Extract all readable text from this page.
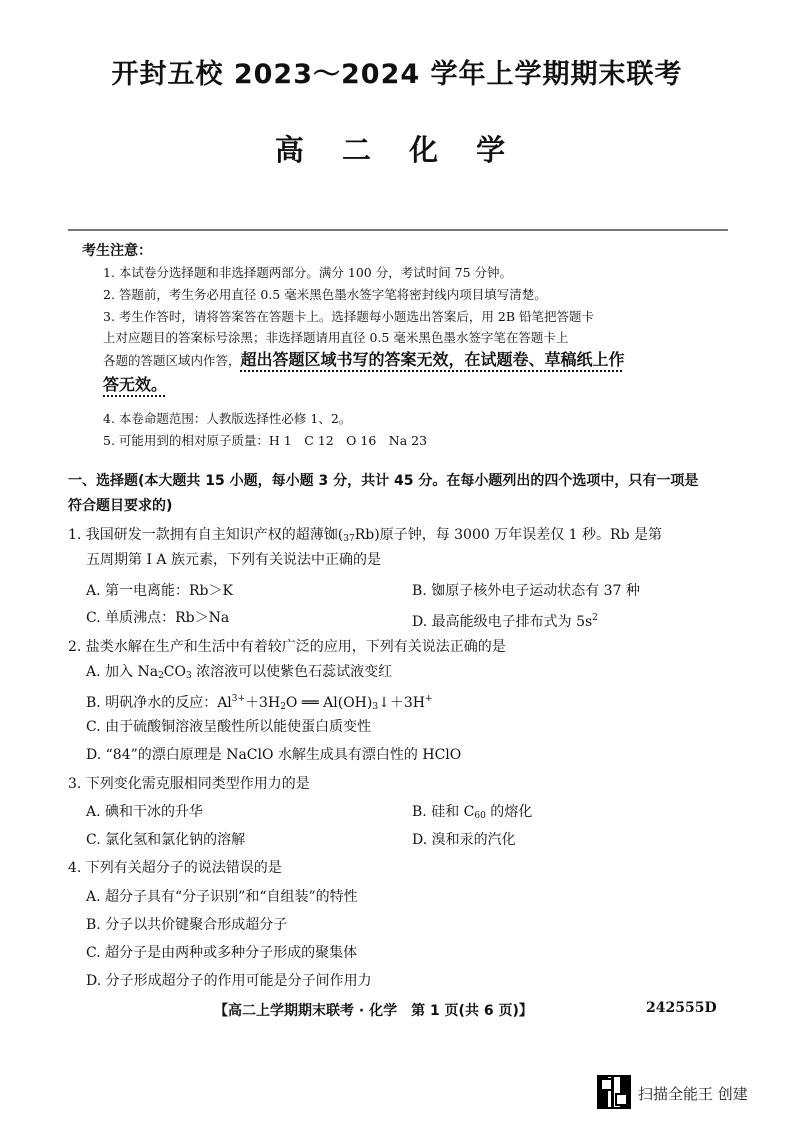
开封五校 2023～2024 学年上学期期末联考
高 二 化 学
考生注意：
1. 本试卷分选择题和非选择题两部分。满分 100 分，考试时间 75 分钟。
2. 答题前，考生务必用直径 0.5 毫米黑色墨水签字笔将密封线内项目填写清楚。
3. 考生作答时，请将答案答在答题卡上。选择题每小题选出答案后，用 2B 铅笔把答题卡
上对应题目的答案标号涂黑；非选择题请用直径 0.5 毫米黑色墨水签字笔在答题卡上
各题的答题区域内作答，超出答题区域书写的答案无效，在试题卷、草稿纸上作
答无效。
4. 本卷命题范围：人教版选择性必修 1、2。
5. 可能用到的相对原子质量：H 1　C 12　O 16　Na 23
一、选择题(本大题共 15 小题，每小题 3 分，共计 45 分。在每小题列出的四个选项中，只有一项是符合题目要求的)
1. 我国研发一款拥有自主知识产权的超薄铷$(_{37}Rb)$原子钟，每 3000 万年误差仅 1 秒。Rb 是第
五周期第 Ⅰ A 族元素，下列有关说法中正确的是
A. 第一电离能：Rb＞K	B. 铷原子核外电子运动状态有 37 种
C. 单质沸点：Rb＞Na	D. 最高能级电子排布式为 $5s^2$
2. 盐类水解在生产和生活中有着较广泛的应用，下列有关说法正确的是
A. 加入 $Na_2CO_3$ 浓溶液可以使紫色石蕊试液变红
B. 明矾净水的反应：$Al^{3+}+3H_2O$ ══ $Al(OH)_3↓+3H^+$
C. 由于硫酸铜溶液呈酸性所以能使蛋白质变性
D. “84”的漂白原理是 NaClO 水解生成具有漂白性的 HClO
3. 下列变化需克服相同类型作用力的是
A. 碘和干冰的升华	B. 硅和 $C_{60}$ 的熔化
C. 氯化氢和氯化钠的溶解	D. 溴和汞的汽化
4. 下列有关超分子的说法错误的是
A. 超分子具有“分子识别”和“自组装”的特性
B. 分子以共价键聚合形成超分子
C. 超分子是由两种或多种分子形成的聚集体
D. 分子形成超分子的作用可能是分子间作用力
【高二上学期期末联考 · 化学　第 1 页(共 6 页)】	242555D
扫描全能王 创建
